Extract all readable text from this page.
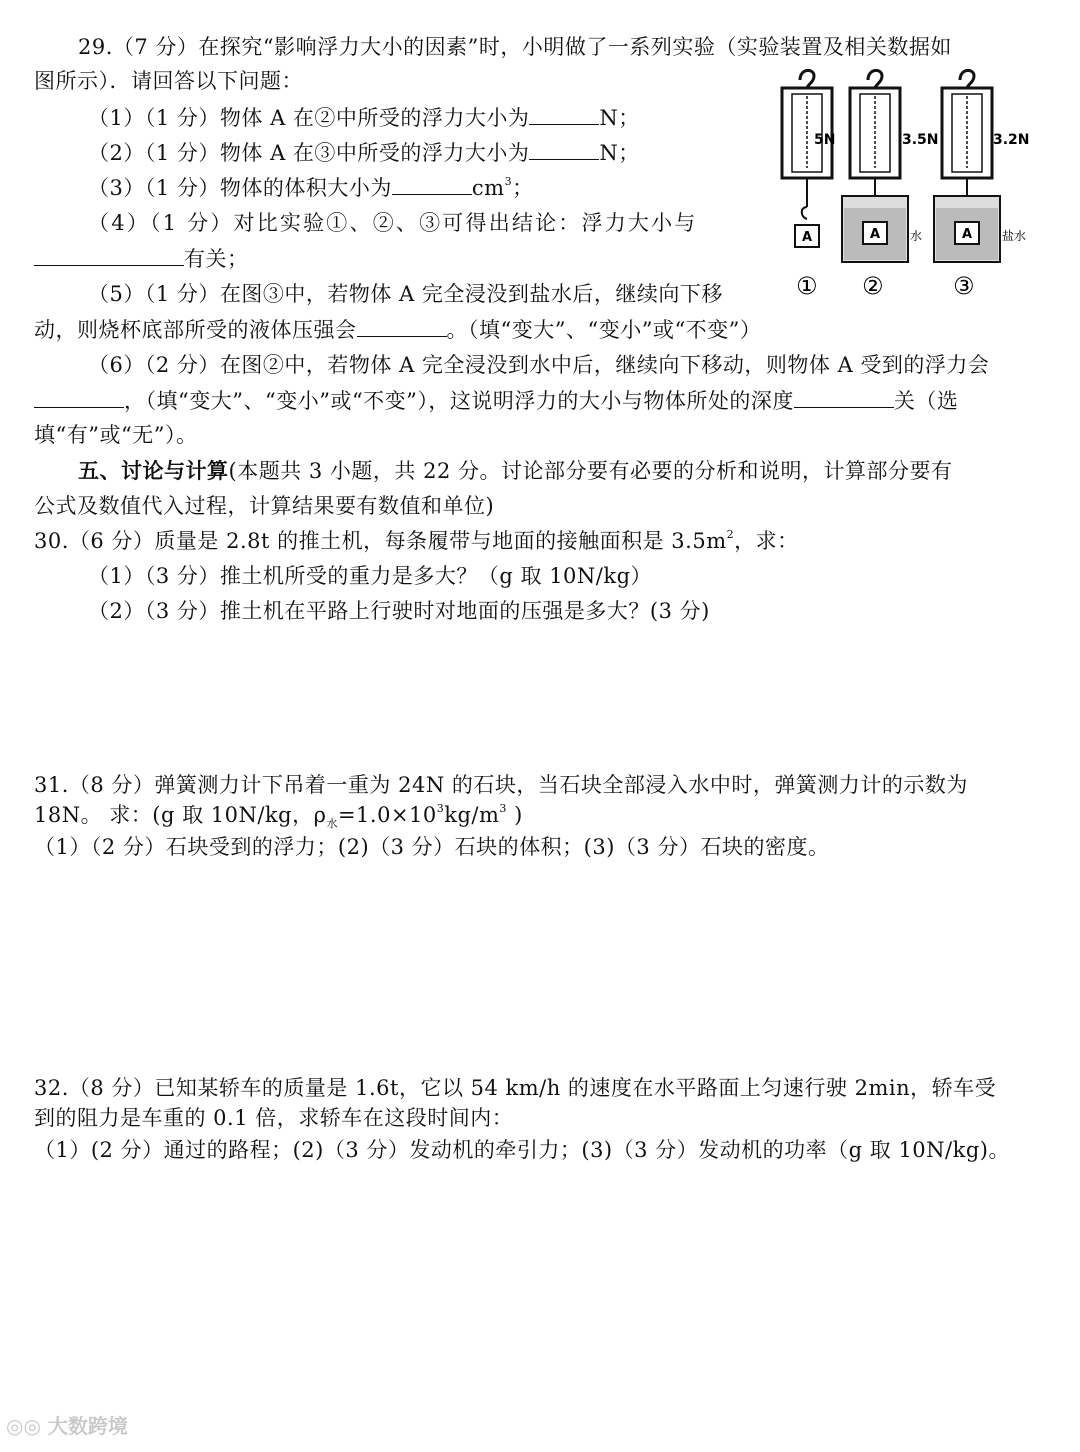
29.（7 分）在探究“影响浮力大小的因素”时，小明做了一系列实验（实验装置及相关数据如
图所示）．请回答以下问题：
（1）（1 分）物体 A 在②中所受的浮力大小为	N；
（2）（1 分）物体 A 在③中所受的浮力大小为	N；
（3）（1 分）物体的体积大小为	$cm^3$；
（4）（1 分）对比实验①、②、③可得出结论：浮力大小与
有关；
（5）（1 分）在图③中，若物体 A 完全浸没到盐水后，继续向下移
动，则烧杯底部所受的液体压强会	。（填“变大”、“变小”或“不变”）
（6）（2 分）在图②中，若物体 A 完全浸没到水中后，继续向下移动，则物体 A 受到的浮力会
，（填“变大”、“变小”或“不变”），这说明浮力的大小与物体所处的深度	关（选
填“有”或“无”）。
5N	3.5N	3.2N
A	A	A
水	盐水
① ②	③
五、讨论与计算(本题共 3 小题，共 22 分。讨论部分要有必要的分析和说明，计算部分要有
公式及数值代入过程，计算结果要有数值和单位)
30.（6 分）质量是 2.8t 的推土机，每条履带与地面的接触面积是 $3.5m^2$，求：
（1）（3 分）推土机所受的重力是多大？（g 取 10N/kg）
（2）（3 分）推土机在平路上行驶时对地面的压强是多大？(3 分)
31.（8 分）弹簧测力计下吊着一重为 24N 的石块，当石块全部浸入水中时，弹簧测力计的示数为
18N。 求：(g 取 10N/kg，$\rho_水=1.0\times 10^3kg/m^3$ )
（1）（2 分）石块受到的浮力；(2)（3 分）石块的体积；(3)（3 分）石块的密度。
32.（8 分）已知某轿车的质量是 1.6t，它以 54 km/h 的速度在水平路面上匀速行驶 2min，轿车受
到的阻力是车重的 0.1 倍，求轿车在这段时间内：
（1）(2 分）通过的路程；(2)（3 分）发动机的牵引力；(3)（3 分）发动机的功率（g 取 10N/kg)。
◎◎ 大数跨境
